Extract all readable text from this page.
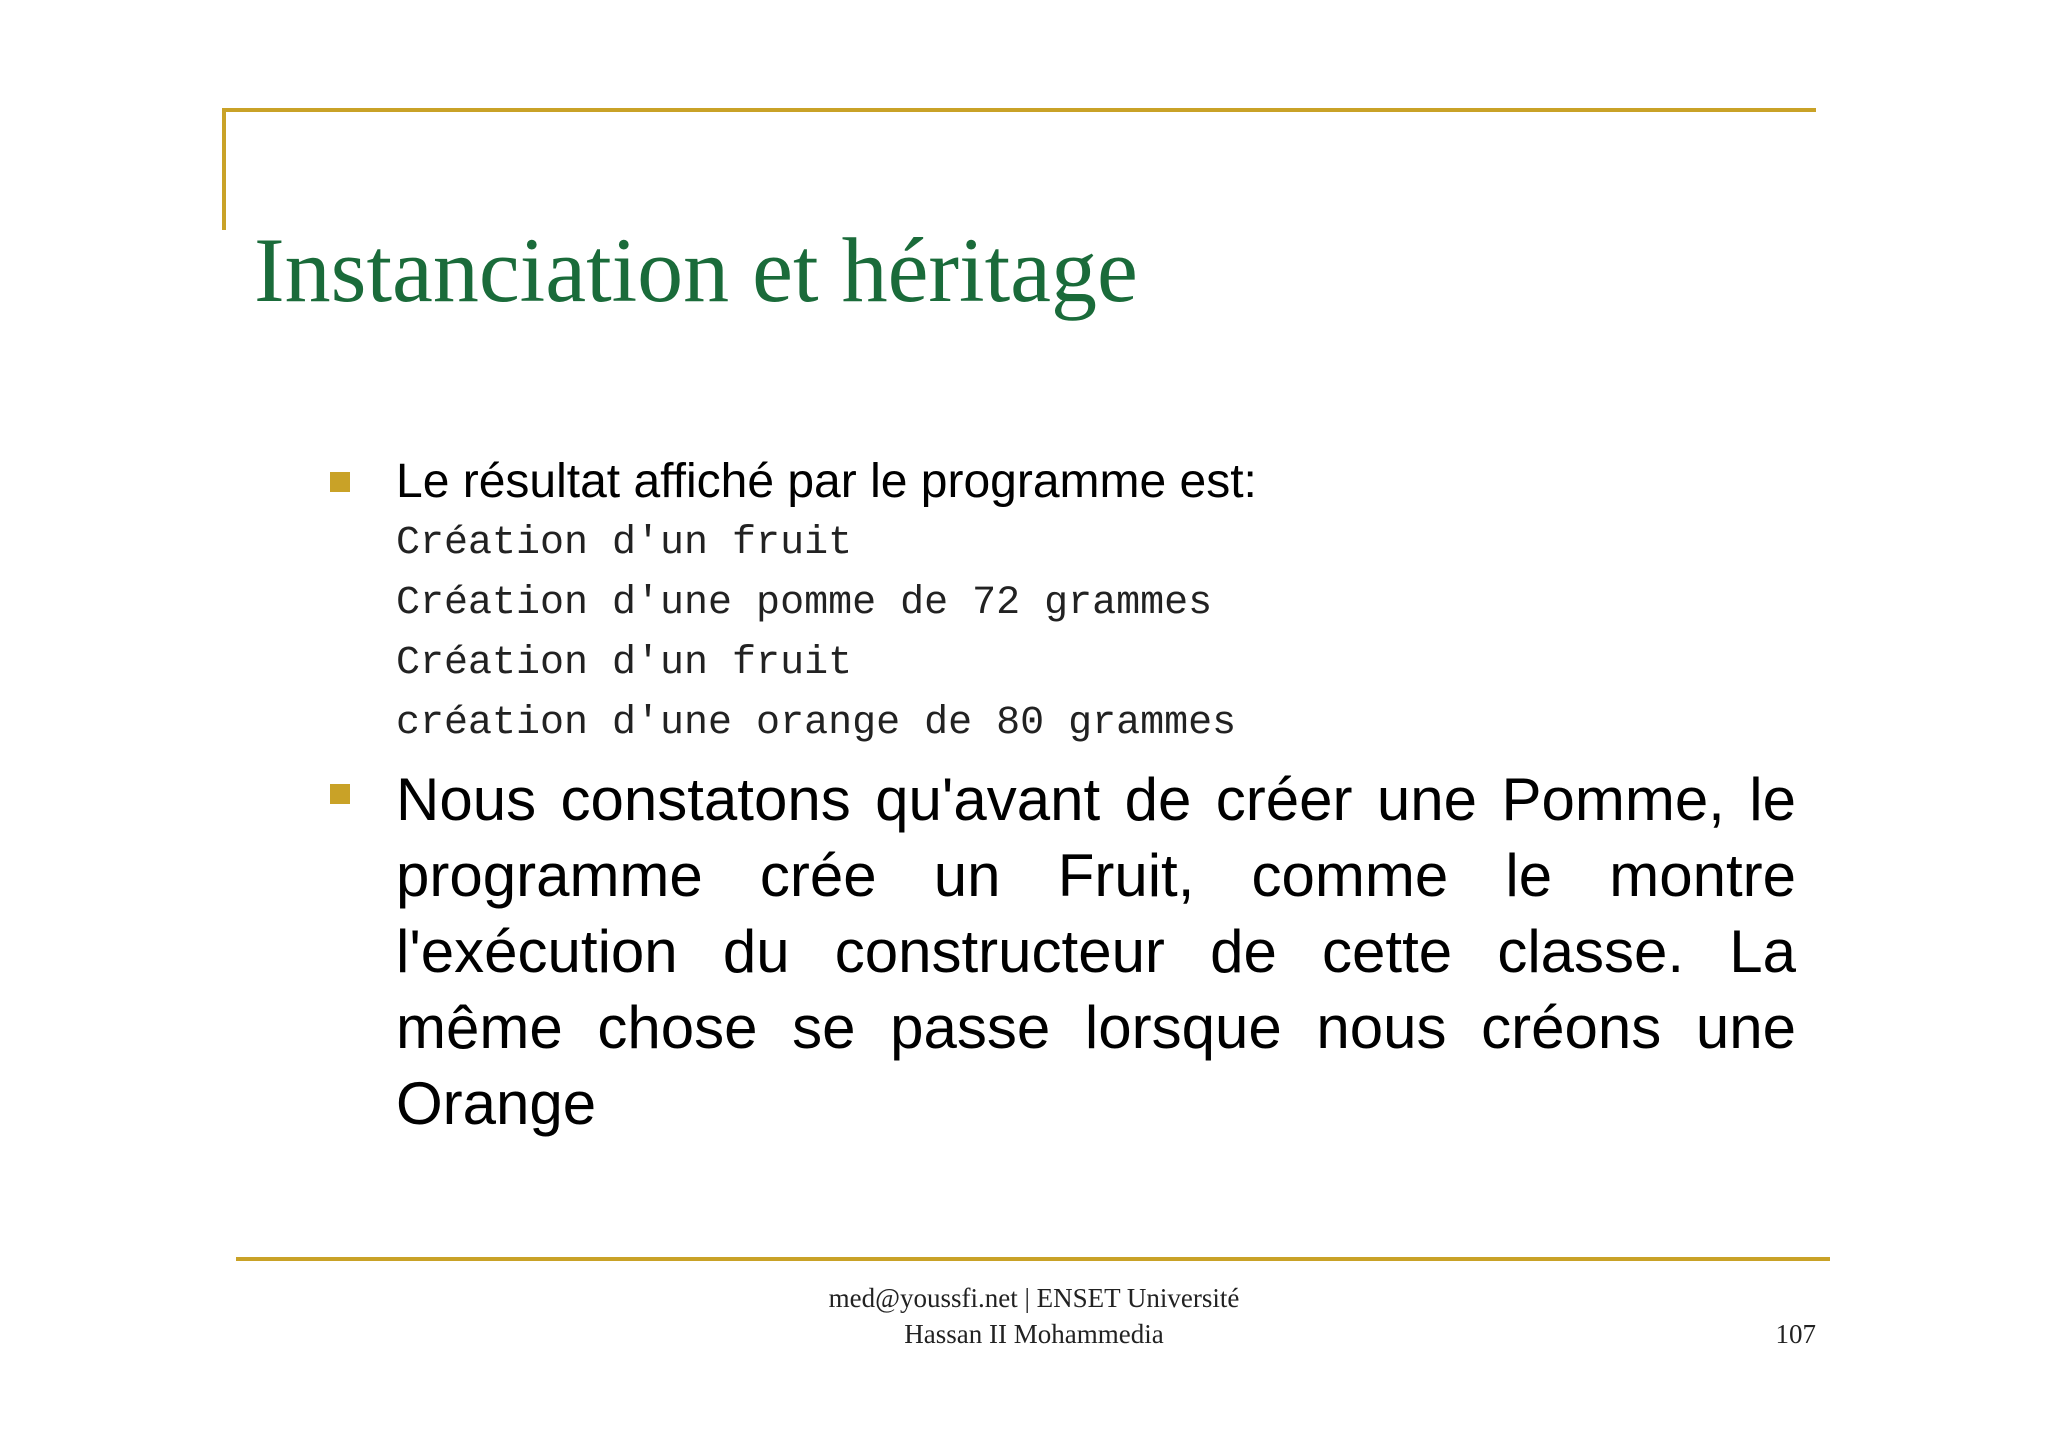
Instanciation et héritage
Le résultat affiché par le programme est:
Création d'un fruit
Création d'une pomme de 72 grammes
Création d'un fruit
création d'une orange de 80 grammes
Nous constatons qu'avant de créer une Pomme, le programme crée un Fruit, comme le montre l'exécution du constructeur de cette classe. La même chose se passe lorsque nous créons une Orange
med@youssfi.net | ENSET Université
Hassan II Mohammedia	107
